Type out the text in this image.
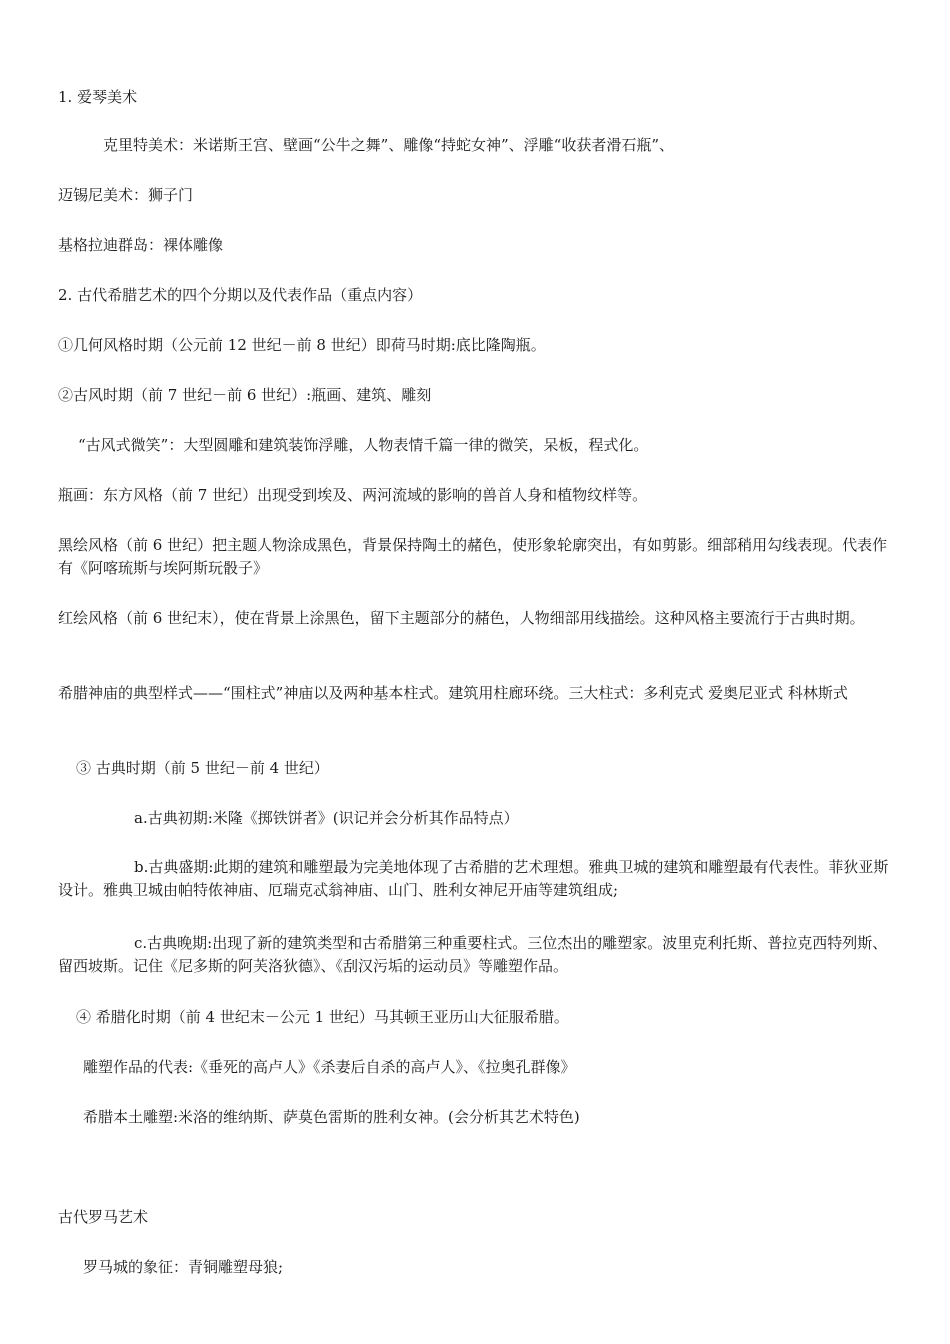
1. 爱琴美术
克里特美术：米诺斯王宫、壁画“公牛之舞”、雕像“持蛇女神”、浮雕“收获者滑石瓶”、
迈锡尼美术：狮子门
基格拉迪群岛：裸体雕像
2. 古代希腊艺术的四个分期以及代表作品（重点内容）
①几何风格时期（公元前 12 世纪－前 8 世纪）即荷马时期:底比隆陶瓶。
②古风时期（前 7 世纪－前 6 世纪）:瓶画、建筑、雕刻
“古风式微笑”：大型圆雕和建筑装饰浮雕，人物表情千篇一律的微笑，呆板，程式化。
瓶画：东方风格（前 7 世纪）出现受到埃及、两河流域的影响的兽首人身和植物纹样等。
黑绘风格（前 6 世纪）把主题人物涂成黑色，背景保持陶土的赭色，使形象轮廓突出，有如剪影。细部稍用勾线表现。代表作有《阿喀琉斯与埃阿斯玩骰子》
红绘风格（前 6 世纪末），使在背景上涂黑色，留下主题部分的赭色，人物细部用线描绘。这种风格主要流行于古典时期。
希腊神庙的典型样式——“围柱式”神庙以及两种基本柱式。建筑用柱廊环绕。三大柱式：多利克式 爱奥尼亚式 科林斯式
③ 古典时期（前 5 世纪－前 4 世纪）
a.古典初期:米隆《掷铁饼者》(识记并会分析其作品特点）
b.古典盛期:此期的建筑和雕塑最为完美地体现了古希腊的艺术理想。雅典卫城的建筑和雕塑最有代表性。菲狄亚斯设计。雅典卫城由帕特侬神庙、厄瑞克忒翁神庙、山门、胜利女神尼开庙等建筑组成;
c.古典晚期:出现了新的建筑类型和古希腊第三种重要柱式。三位杰出的雕塑家。波里克利托斯、普拉克西特列斯、留西坡斯。记住《尼多斯的阿芙洛狄德》、《刮汉污垢的运动员》等雕塑作品。
④ 希腊化时期（前 4 世纪末－公元 1 世纪）马其顿王亚历山大征服希腊。
雕塑作品的代表:《垂死的高卢人》《杀妻后自杀的高卢人》、《拉奥孔群像》
希腊本土雕塑:米洛的维纳斯、萨莫色雷斯的胜利女神。(会分析其艺术特色)
古代罗马艺术
罗马城的象征：青铜雕塑母狼;
